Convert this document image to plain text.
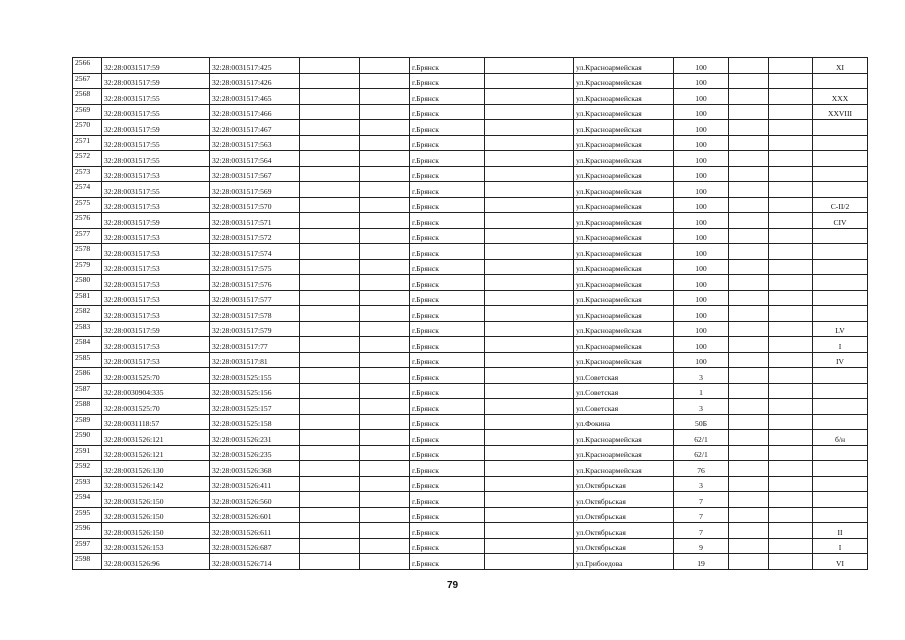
2566	32:28:0031517:59	32:28:0031517:425			г.Брянск		ул.Красноармейская	100			XI
2567	32:28:0031517:59	32:28:0031517:426			г.Брянск		ул.Красноармейская	100			
2568	32:28:0031517:55	32:28:0031517:465			г.Брянск		ул.Красноармейская	100			XXX
2569	32:28:0031517:55	32:28:0031517:466			г.Брянск		ул.Красноармейская	100			XXVIII
2570	32:28:0031517:59	32:28:0031517:467			г.Брянск		ул.Красноармейская	100			
2571	32:28:0031517:55	32:28:0031517:563			г.Брянск		ул.Красноармейская	100			
2572	32:28:0031517:55	32:28:0031517:564			г.Брянск		ул.Красноармейская	100			
2573	32:28:0031517:53	32:28:0031517:567			г.Брянск		ул.Красноармейская	100			
2574	32:28:0031517:55	32:28:0031517:569			г.Брянск		ул.Красноармейская	100			
2575	32:28:0031517:53	32:28:0031517:570			г.Брянск		ул.Красноармейская	100			C-II/2
2576	32:28:0031517:59	32:28:0031517:571			г.Брянск		ул.Красноармейская	100			CIV
2577	32:28:0031517:53	32:28:0031517:572			г.Брянск		ул.Красноармейская	100			
2578	32:28:0031517:53	32:28:0031517:574			г.Брянск		ул.Красноармейская	100			
2579	32:28:0031517:53	32:28:0031517:575			г.Брянск		ул.Красноармейская	100			
2580	32:28:0031517:53	32:28:0031517:576			г.Брянск		ул.Красноармейская	100			
2581	32:28:0031517:53	32:28:0031517:577			г.Брянск		ул.Красноармейская	100			
2582	32:28:0031517:53	32:28:0031517:578			г.Брянск		ул.Красноармейская	100			
2583	32:28:0031517:59	32:28:0031517:579			г.Брянск		ул.Красноармейская	100			LV
2584	32:28:0031517:53	32:28:0031517:77			г.Брянск		ул.Красноармейская	100			I
2585	32:28:0031517:53	32:28:0031517:81			г.Брянск		ул.Красноармейская	100			IV
2586	32:28:0031525:70	32:28:0031525:155			г.Брянск		ул.Советская	3			
2587	32:28:0030904:335	32:28:0031525:156			г.Брянск		ул.Советская	1			
2588	32:28:0031525:70	32:28:0031525:157			г.Брянск		ул.Советская	3			
2589	32:28:0031118:57	32:28:0031525:158			г.Брянск		ул.Фокина	50Б			
2590	32:28:0031526:121	32:28:0031526:231			г.Брянск		ул.Красноармейская	62/1			б/н
2591	32:28:0031526:121	32:28:0031526:235			г.Брянск		ул.Красноармейская	62/1			
2592	32:28:0031526:130	32:28:0031526:368			г.Брянск		ул.Красноармейская	76			
2593	32:28:0031526:142	32:28:0031526:411			г.Брянск		ул.Октябрьская	3			
2594	32:28:0031526:150	32:28:0031526:560			г.Брянск		ул.Октябрьская	7			
2595	32:28:0031526:150	32:28:0031526:601			г.Брянск		ул.Октябрьская	7			
2596	32:28:0031526:150	32:28:0031526:611			г.Брянск		ул.Октябрьская	7			II
2597	32:28:0031526:153	32:28:0031526:687			г.Брянск		ул.Октябрьская	9			I
2598	32:28:0031526:96	32:28:0031526:714			г.Брянск		ул.Грибоедова	19			VI
79
